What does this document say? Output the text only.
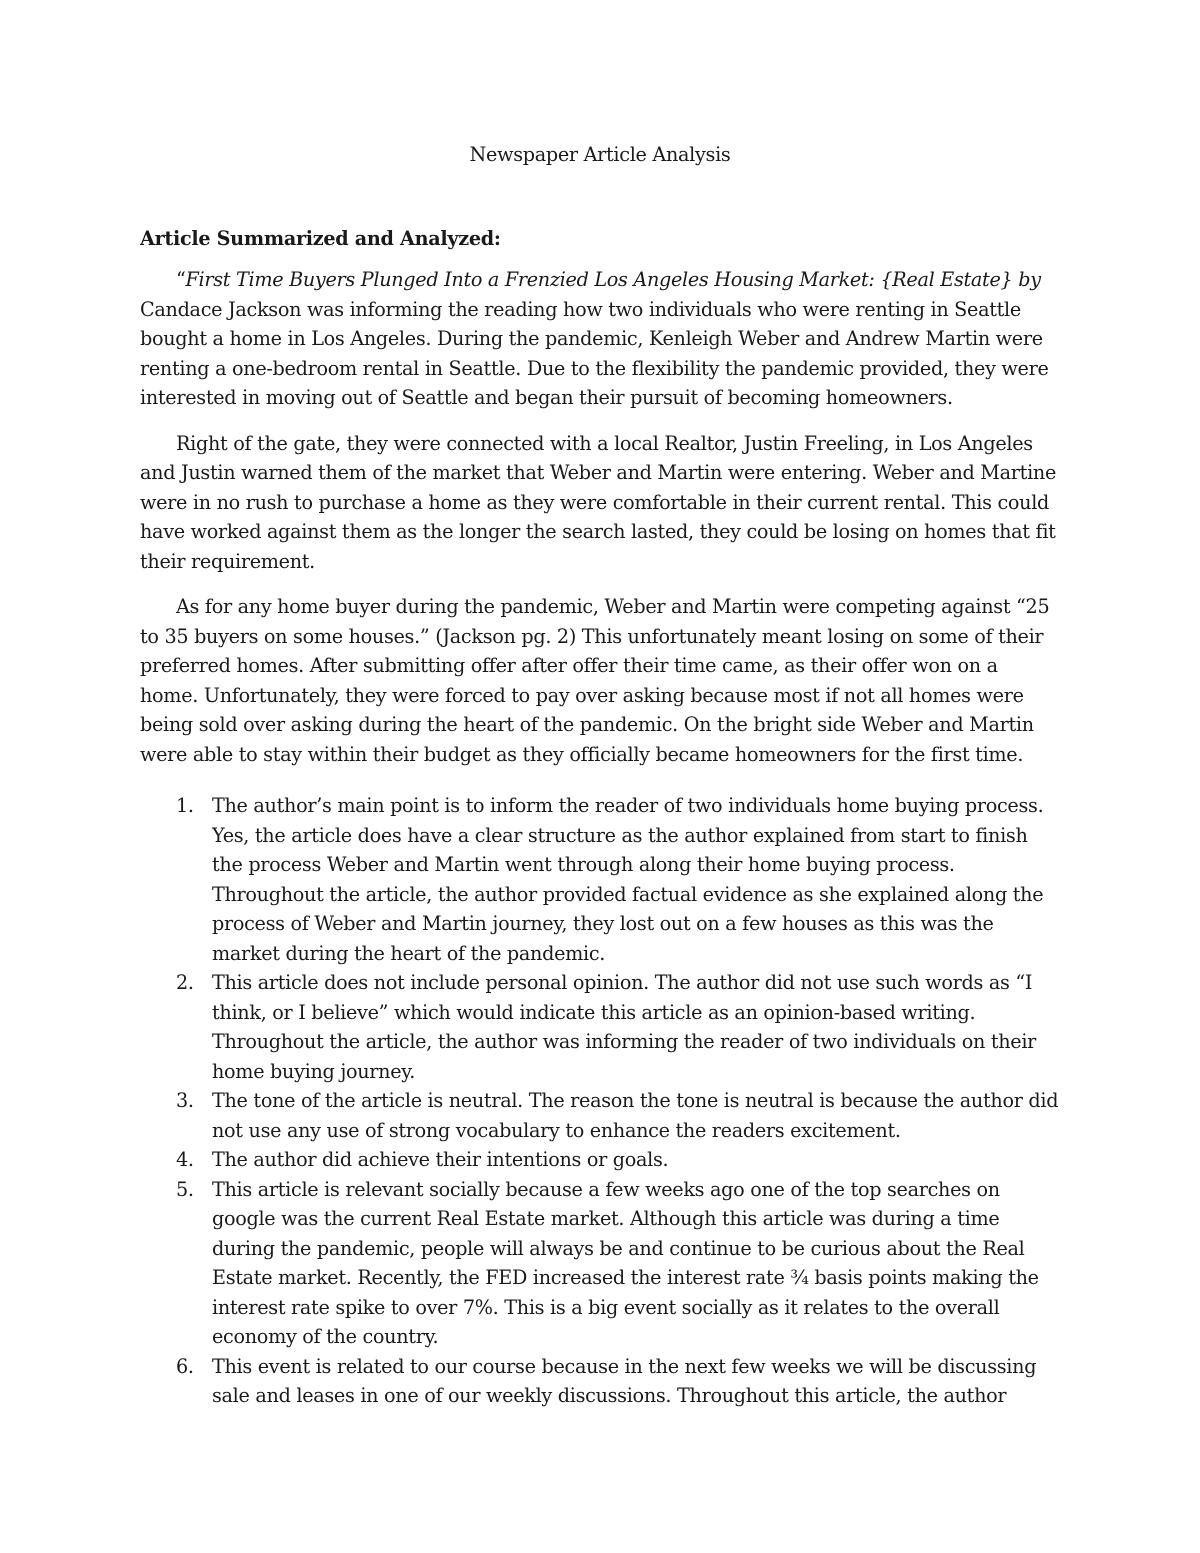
Newspaper Article Analysis
Article Summarized and Analyzed:

“First Time Buyers Plunged Into a Frenzied Los Angeles Housing Market: {Real Estate} by Candace Jackson was informing the reading how two individuals who were renting in Seattle bought a home in Los Angeles. During the pandemic, Kenleigh Weber and Andrew Martin were renting a one-bedroom rental in Seattle. Due to the flexibility the pandemic provided, they were interested in moving out of Seattle and began their pursuit of becoming homeowners.

Right of the gate, they were connected with a local Realtor, Justin Freeling, in Los Angeles and Justin warned them of the market that Weber and Martin were entering. Weber and Martine were in no rush to purchase a home as they were comfortable in their current rental. This could have worked against them as the longer the search lasted, they could be losing on homes that fit their requirement.

As for any home buyer during the pandemic, Weber and Martin were competing against “25 to 35 buyers on some houses.” (Jackson pg. 2) This unfortunately meant losing on some of their preferred homes. After submitting offer after offer their time came, as their offer won on a home. Unfortunately, they were forced to pay over asking because most if not all homes were being sold over asking during the heart of the pandemic. On the bright side Weber and Martin were able to stay within their budget as they officially became homeowners for the first time.

1. The author’s main point is to inform the reader of two individuals home buying process. Yes, the article does have a clear structure as the author explained from start to finish the process Weber and Martin went through along their home buying process. Throughout the article, the author provided factual evidence as she explained along the process of Weber and Martin journey, they lost out on a few houses as this was the market during the heart of the pandemic.
2. This article does not include personal opinion. The author did not use such words as “I think, or I believe” which would indicate this article as an opinion-based writing. Throughout the article, the author was informing the reader of two individuals on their home buying journey.
3. The tone of the article is neutral. The reason the tone is neutral is because the author did not use any use of strong vocabulary to enhance the readers excitement.
4. The author did achieve their intentions or goals.
5. This article is relevant socially because a few weeks ago one of the top searches on google was the current Real Estate market. Although this article was during a time during the pandemic, people will always be and continue to be curious about the Real Estate market. Recently, the FED increased the interest rate ¾ basis points making the interest rate spike to over 7%. This is a big event socially as it relates to the overall economy of the country.
6. This event is related to our course because in the next few weeks we will be discussing sale and leases in one of our weekly discussions. Throughout this article, the author
